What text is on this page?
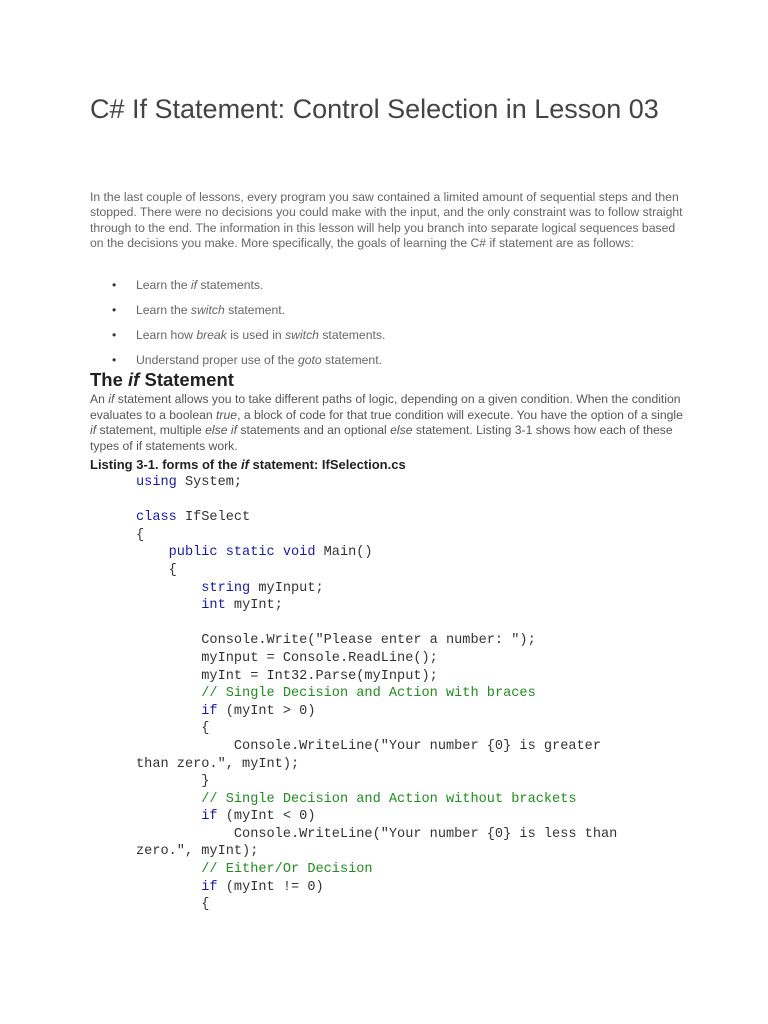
C# If Statement: Control Selection in Lesson 03

In the last couple of lessons, every program you saw contained a limited amount of sequential steps and then stopped. There were no decisions you could make with the input, and the only constraint was to follow straight through to the end. The information in this lesson will help you branch into separate logical sequences based on the decisions you make. More specifically, the goals of learning the C# if statement are as follows:

• Learn the if statements.
• Learn the switch statement.
• Learn how break is used in switch statements.
• Understand proper use of the goto statement.
The if Statement

An if statement allows you to take different paths of logic, depending on a given condition. When the condition evaluates to a boolean true, a block of code for that true condition will execute. You have the option of a single if statement, multiple else if statements and an optional else statement. Listing 3-1 shows how each of these types of if statements work.

Listing 3-1. forms of the if statement: IfSelection.cs

using System;
class IfSelect
{
public static void Main()
{
string myInput;
int myInt;
Console.Write("Please enter a number: ");
myInput = Console.ReadLine();
myInt = Int32.Parse(myInput);
// Single Decision and Action with braces
if (myInt > 0)
{
Console.WriteLine("Your number {0} is greater
than zero.", myInt);
}
// Single Decision and Action without brackets
if (myInt < 0)
Console.WriteLine("Your number {0} is less than
zero.", myInt);
// Either/Or Decision
if (myInt != 0)
{
